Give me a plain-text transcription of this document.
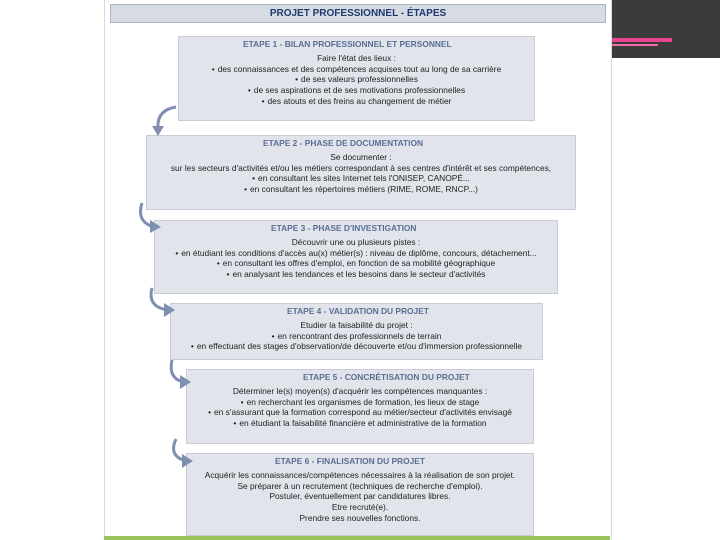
PROJET PROFESSIONNEL - ÉTAPES
ETAPE 1 - BILAN PROFESSIONNEL ET PERSONNEL
Faire l'état des lieux :
• des connaissances et des compétences acquises tout au long de sa carrière
• de ses valeurs professionnelles
• de ses aspirations et de ses motivations professionnelles
• des atouts et des freins au changement de métier
ETAPE 2 - PHASE DE DOCUMENTATION
Se documenter :
sur les secteurs d'activités et/ou les métiers correspondant à ses centres d'intérêt et ses compétences,
• en consultant les sites Internet tels l'ONISEP, CANOPÉ...
• en consultant les répertoires métiers (RIME, ROME, RNCP...)
ETAPE 3 - PHASE D'INVESTIGATION
Découvrir une ou plusieurs pistes :
• en étudiant les conditions d'accès au(x) métier(s) : niveau de diplôme, concours, détachement...
• en consultant les offres d'emploi, en fonction de sa mobilité géographique
• en analysant les tendances et les besoins dans le secteur d'activités
ETAPE 4 - VALIDATION DU PROJET
Etudier la faisabilité du projet :
• en rencontrant des professionnels de terrain
• en effectuant des stages d'observation/de découverte et/ou d'immersion professionnelle
ETAPE 5 - CONCRÉTISATION DU PROJET
Déterminer le(s) moyen(s) d'acquérir les compétences manquantes :
• en recherchant les organismes de formation, les lieux de stage
• en s'assurant que la formation correspond au métier/secteur d'activités envisagé
• en étudiant la faisabilité financière et administrative de la formation
ETAPE 6 - FINALISATION DU PROJET
Acquérir les connaissances/compétences nécessaires à la réalisation de son projet.
Se préparer à un recrutement (techniques de recherche d'emploi).
Postuler, éventuellement par candidatures libres.
Etre recruté(e).
Prendre ses nouvelles fonctions.
